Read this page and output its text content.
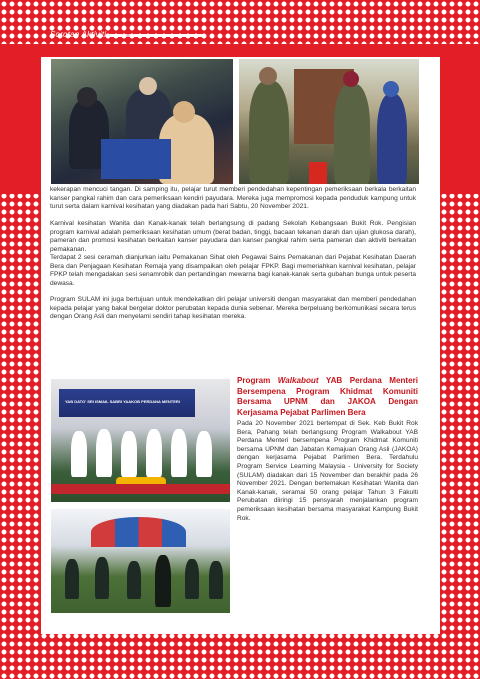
Sorotan Aktiviti

kekerapan mencuci tangan. Di samping itu, pelajar turut memberi pendedahan kepentingan pemeriksaan berkala berkaitan kanser pangkal rahim dan cara pemeriksaan kendiri payudara. Mereka juga mempromosi kepada penduduk kampung untuk turut serta dalam karnival kesihatan yang diadakan pada hari Sabtu, 20 November 2021.

Karnival kesihatan Wanita dan Kanak-kanak telah berlangsung di padang Sekolah Kebangsaan Bukit Rok. Pengisian program karnival adalah pemeriksaan kesihatan umum (berat badan, tinggi, bacaan tekanan darah dan ujian glukosa darah), pameran dan promosi kesihatan berkaitan kanser payudara dan kanser pangkal rahim serta pameran dan aktiviti berkaitan pemakanan.

Terdapat 2 sesi ceramah dianjurkan iaitu Pemakanan Sihat oleh Pegawai Sains Pemakanan dari Pejabat Kesihatan Daerah Bera dan Penjagaan Kesihatan Remaja yang disampaikan oleh pelajar FPKP. Bagi memeriahkan karnival kesihatan, pelajar FPKP telah mengadakan sesi senamrobik dan pertandingan mewarna bagi kanak-kanak serta gubahan bunga untuk peserta dewasa.

Program SULAM ini juga bertujuan untuk mendekatkan diri pelajar universiti dengan masyarakat dan memberi pendedahan kepada pelajar yang bakal bergelar doktor perubatan kepada dunia sebenar. Mereka berpeluang berkomunikasi secara terus dengan Orang Asli dan menyelami sendiri tahap kesihatan mereka.

YAB DATO' SRI ISMAIL SABRI YAAKOB PERDANA MENTERI

Program Walkabout YAB Perdana Menteri Bersempena Program Khidmat Komuniti Bersama UPNM dan JAKOA Dengan Kerjasama Pejabat Parlimen Bera

Pada 20 November 2021 bertempat di Sek. Keb Bukit Rok Bera, Pahang telah berlangsung Program Walkabout YAB Perdana Menteri bersempena Program Khidmat Komuniti bersama UPNM dan Jabatan Kemajuan Orang Asli (JAKOA) dengan kerjasama Pejabat Parlimen Bera. Terdahulu Program Service Learning Malaysia - University for Society (SULAM) diadakan dari 15 November dan berakhir pada 26 November 2021. Dengan bertemakan Kesihatan Wanita dan Kanak-kanak, seramai 50 orang pelajar Tahun 3 Fakulti Perubatan diiringi 15 pensyarah menjalankan program pemeriksaan kesihatan bersama masyarakat Kampung Bukit Rok.
